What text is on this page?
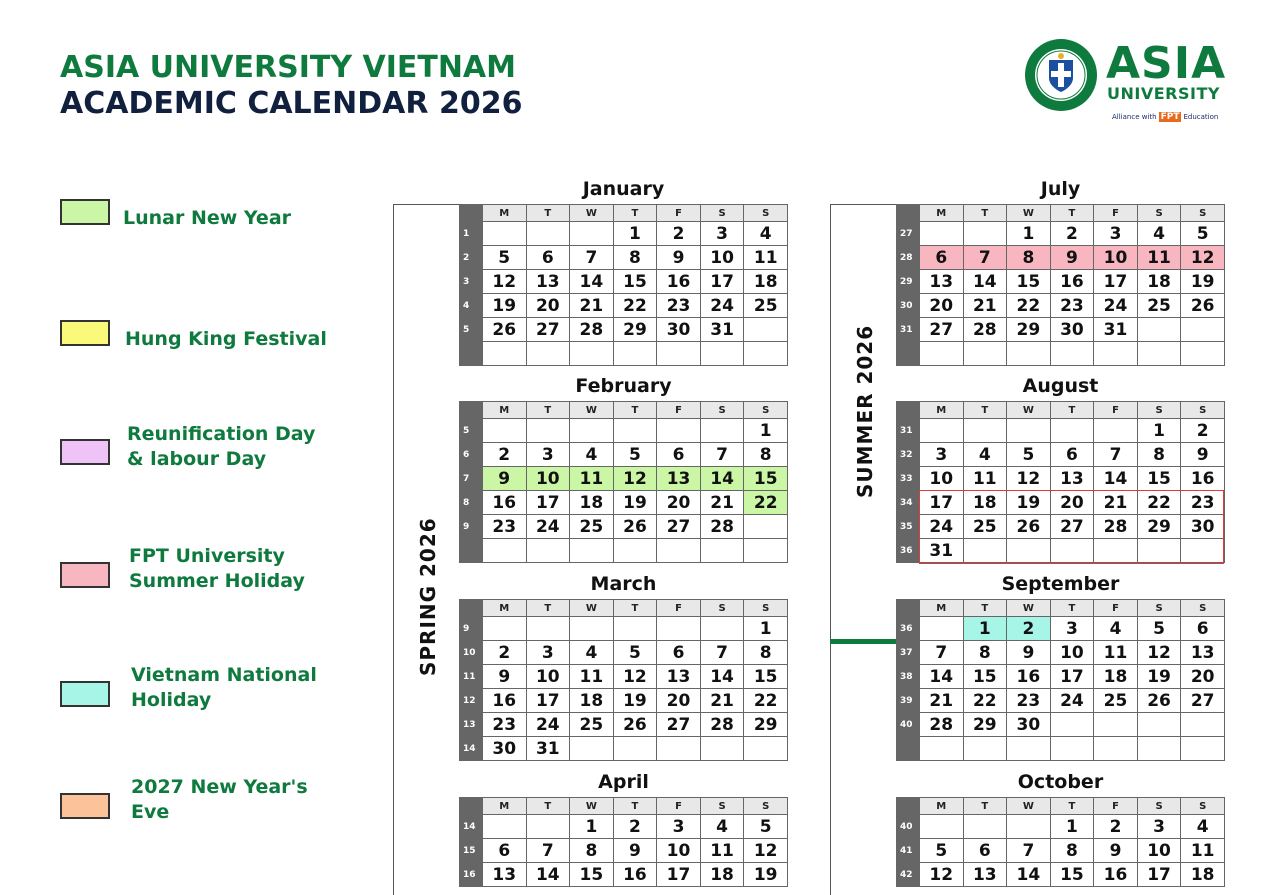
ASIA UNIVERSITY VIETNAM
ACADEMIC CALENDAR 2026
ASIA
UNIVERSITY
Alliance with FPT Education
Lunar New Year
Hung King Festival
Reunification Day
& labour Day
FPT University
Summer Holiday
Vietnam National
Holiday
2027 New Year's
Eve
SPRING 2026
SUMMER 2026
January
	M	T	W	T	F	S	S
1				1	2	3	4
2	5	6	7	8	9	10	11
3	12	13	14	15	16	17	18
4	19	20	21	22	23	24	25
5	26	27	28	29	30	31	

February
	M	T	W	T	F	S	S
5							1
6	2	3	4	5	6	7	8
7	9	10	11	12	13	14	15
8	16	17	18	19	20	21	22
9	23	24	25	26	27	28	

March
	M	T	W	T	F	S	S
9							1
10	2	3	4	5	6	7	8
11	9	10	11	12	13	14	15
12	16	17	18	19	20	21	22
13	23	24	25	26	27	28	29
14	30	31					
April
	M	T	W	T	F	S	S
14			1	2	3	4	5
15	6	7	8	9	10	11	12
16	13	14	15	16	17	18	19
July
	M	T	W	T	F	S	S
27			1	2	3	4	5
28	6	7	8	9	10	11	12
29	13	14	15	16	17	18	19
30	20	21	22	23	24	25	26
31	27	28	29	30	31		

August
	M	T	W	T	F	S	S
31						1	2
32	3	4	5	6	7	8	9
33	10	11	12	13	14	15	16
34	17	18	19	20	21	22	23
35	24	25	26	27	28	29	30
36	31						
September
	M	T	W	T	F	S	S
36		1	2	3	4	5	6
37	7	8	9	10	11	12	13
38	14	15	16	17	18	19	20
39	21	22	23	24	25	26	27
40	28	29	30				

October
	M	T	W	T	F	S	S
40				1	2	3	4
41	5	6	7	8	9	10	11
42	12	13	14	15	16	17	18
